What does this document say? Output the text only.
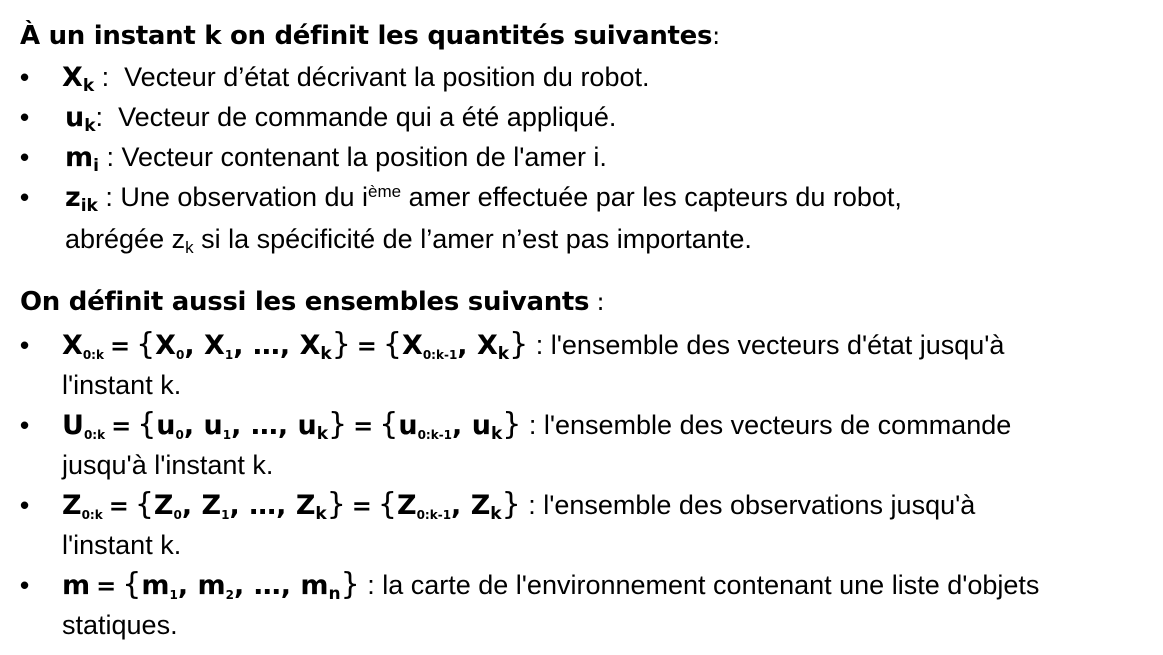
À un instant k on définit les quantités suivantes:
• $X_k$ :  Vecteur d’état décrivant la position du robot.
• $u_k$:  Vecteur de commande qui a été appliqué.
• $m_i$ : Vecteur contenant la position de l'amer i.
• $z_{ik}$ : Une observation du $i^{ème}$ amer effectuée par les capteurs du robot,
abrégée zk si la spécificité de l’amer n’est pas importante.
On définit aussi les ensembles suivants :
• $X_{0:k} = \{X_0$, $X_1$, …, $X_k\} = \{X_{0:k-1}$, $X_k$} : l'ensemble des vecteurs d'état jusqu'à
l'instant k.
• $U_{0:k} = \{u_0$, $u_1$, …, $u_k\} = \{u_{0:k-1}$, $u_k$} : l'ensemble des vecteurs de commande
jusqu'à l'instant k.
• $Z_{0:k} = \{Z_0$, $Z_1$, …, $Z_k\} = \{Z_{0:k-1}$, $Z_k$} : l'ensemble des observations jusqu'à
l'instant k.
• $m = \{m_1$, $m_2$, …, $m_n$} : la carte de l'environnement contenant une liste d'objets
statiques.
